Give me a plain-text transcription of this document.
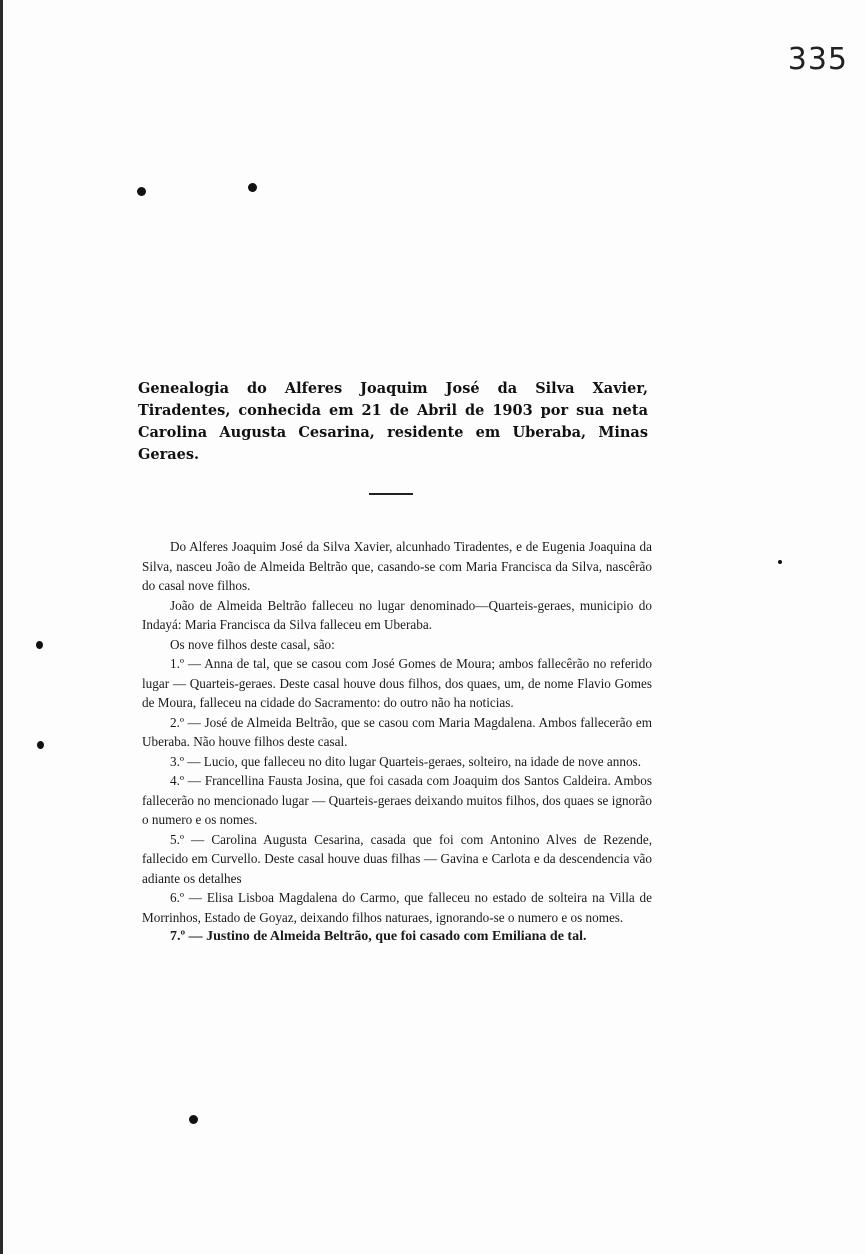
335

Genealogia do Alferes Joaquim José da Silva Xavier, Tiradentes, conhecida em 21 de Abril de 1903 por sua neta Carolina Augusta Cesarina, residente em Uberaba, Minas Geraes.

Do Alferes Joaquim José da Silva Xavier, alcunhado Tiradentes, e de Eugenia Joaquina da Silva, nasceu João de Almeida Beltrão que, casando-se com Maria Francisca da Silva, nascêrão do casal nove filhos.

João de Almeida Beltrão falleceu no lugar denominado—Quarteis-geraes, municipio do Indayá: Maria Francisca da Silva falleceu em Uberaba.

Os nove filhos deste casal, são:

1.º — Anna de tal, que se casou com José Gomes de Moura; ambos fallecêrão no referido lugar — Quarteis-geraes. Deste casal houve dous filhos, dos quaes, um, de nome Flavio Gomes de Moura, falleceu na cidade do Sacramento: do outro não ha noticias.

2.º — José de Almeida Beltrão, que se casou com Maria Magdalena. Ambos fallecerão em Uberaba. Não houve filhos deste casal.

3.º — Lucio, que falleceu no dito lugar Quarteis-geraes, solteiro, na idade de nove annos.

4.º — Francellina Fausta Josina, que foi casada com Joaquim dos Santos Caldeira. Ambos fallecerão no mencionado lugar — Quarteis-geraes deixando muitos filhos, dos quaes se ignorão o numero e os nomes.

5.º — Carolina Augusta Cesarina, casada que foi com Antonino Alves de Rezende, fallecido em Curvello. Deste casal houve duas filhas — Gavina e Carlota e da descendencia vão adiante os detalhes

6.º — Elisa Lisboa Magdalena do Carmo, que falleceu no estado de solteira na Villa de Morrinhos, Estado de Goyaz, deixando filhos naturaes, ignorando-se o numero e os nomes.

7.º — Justino de Almeida Beltrão, que foi casado com Emiliana de tal.
